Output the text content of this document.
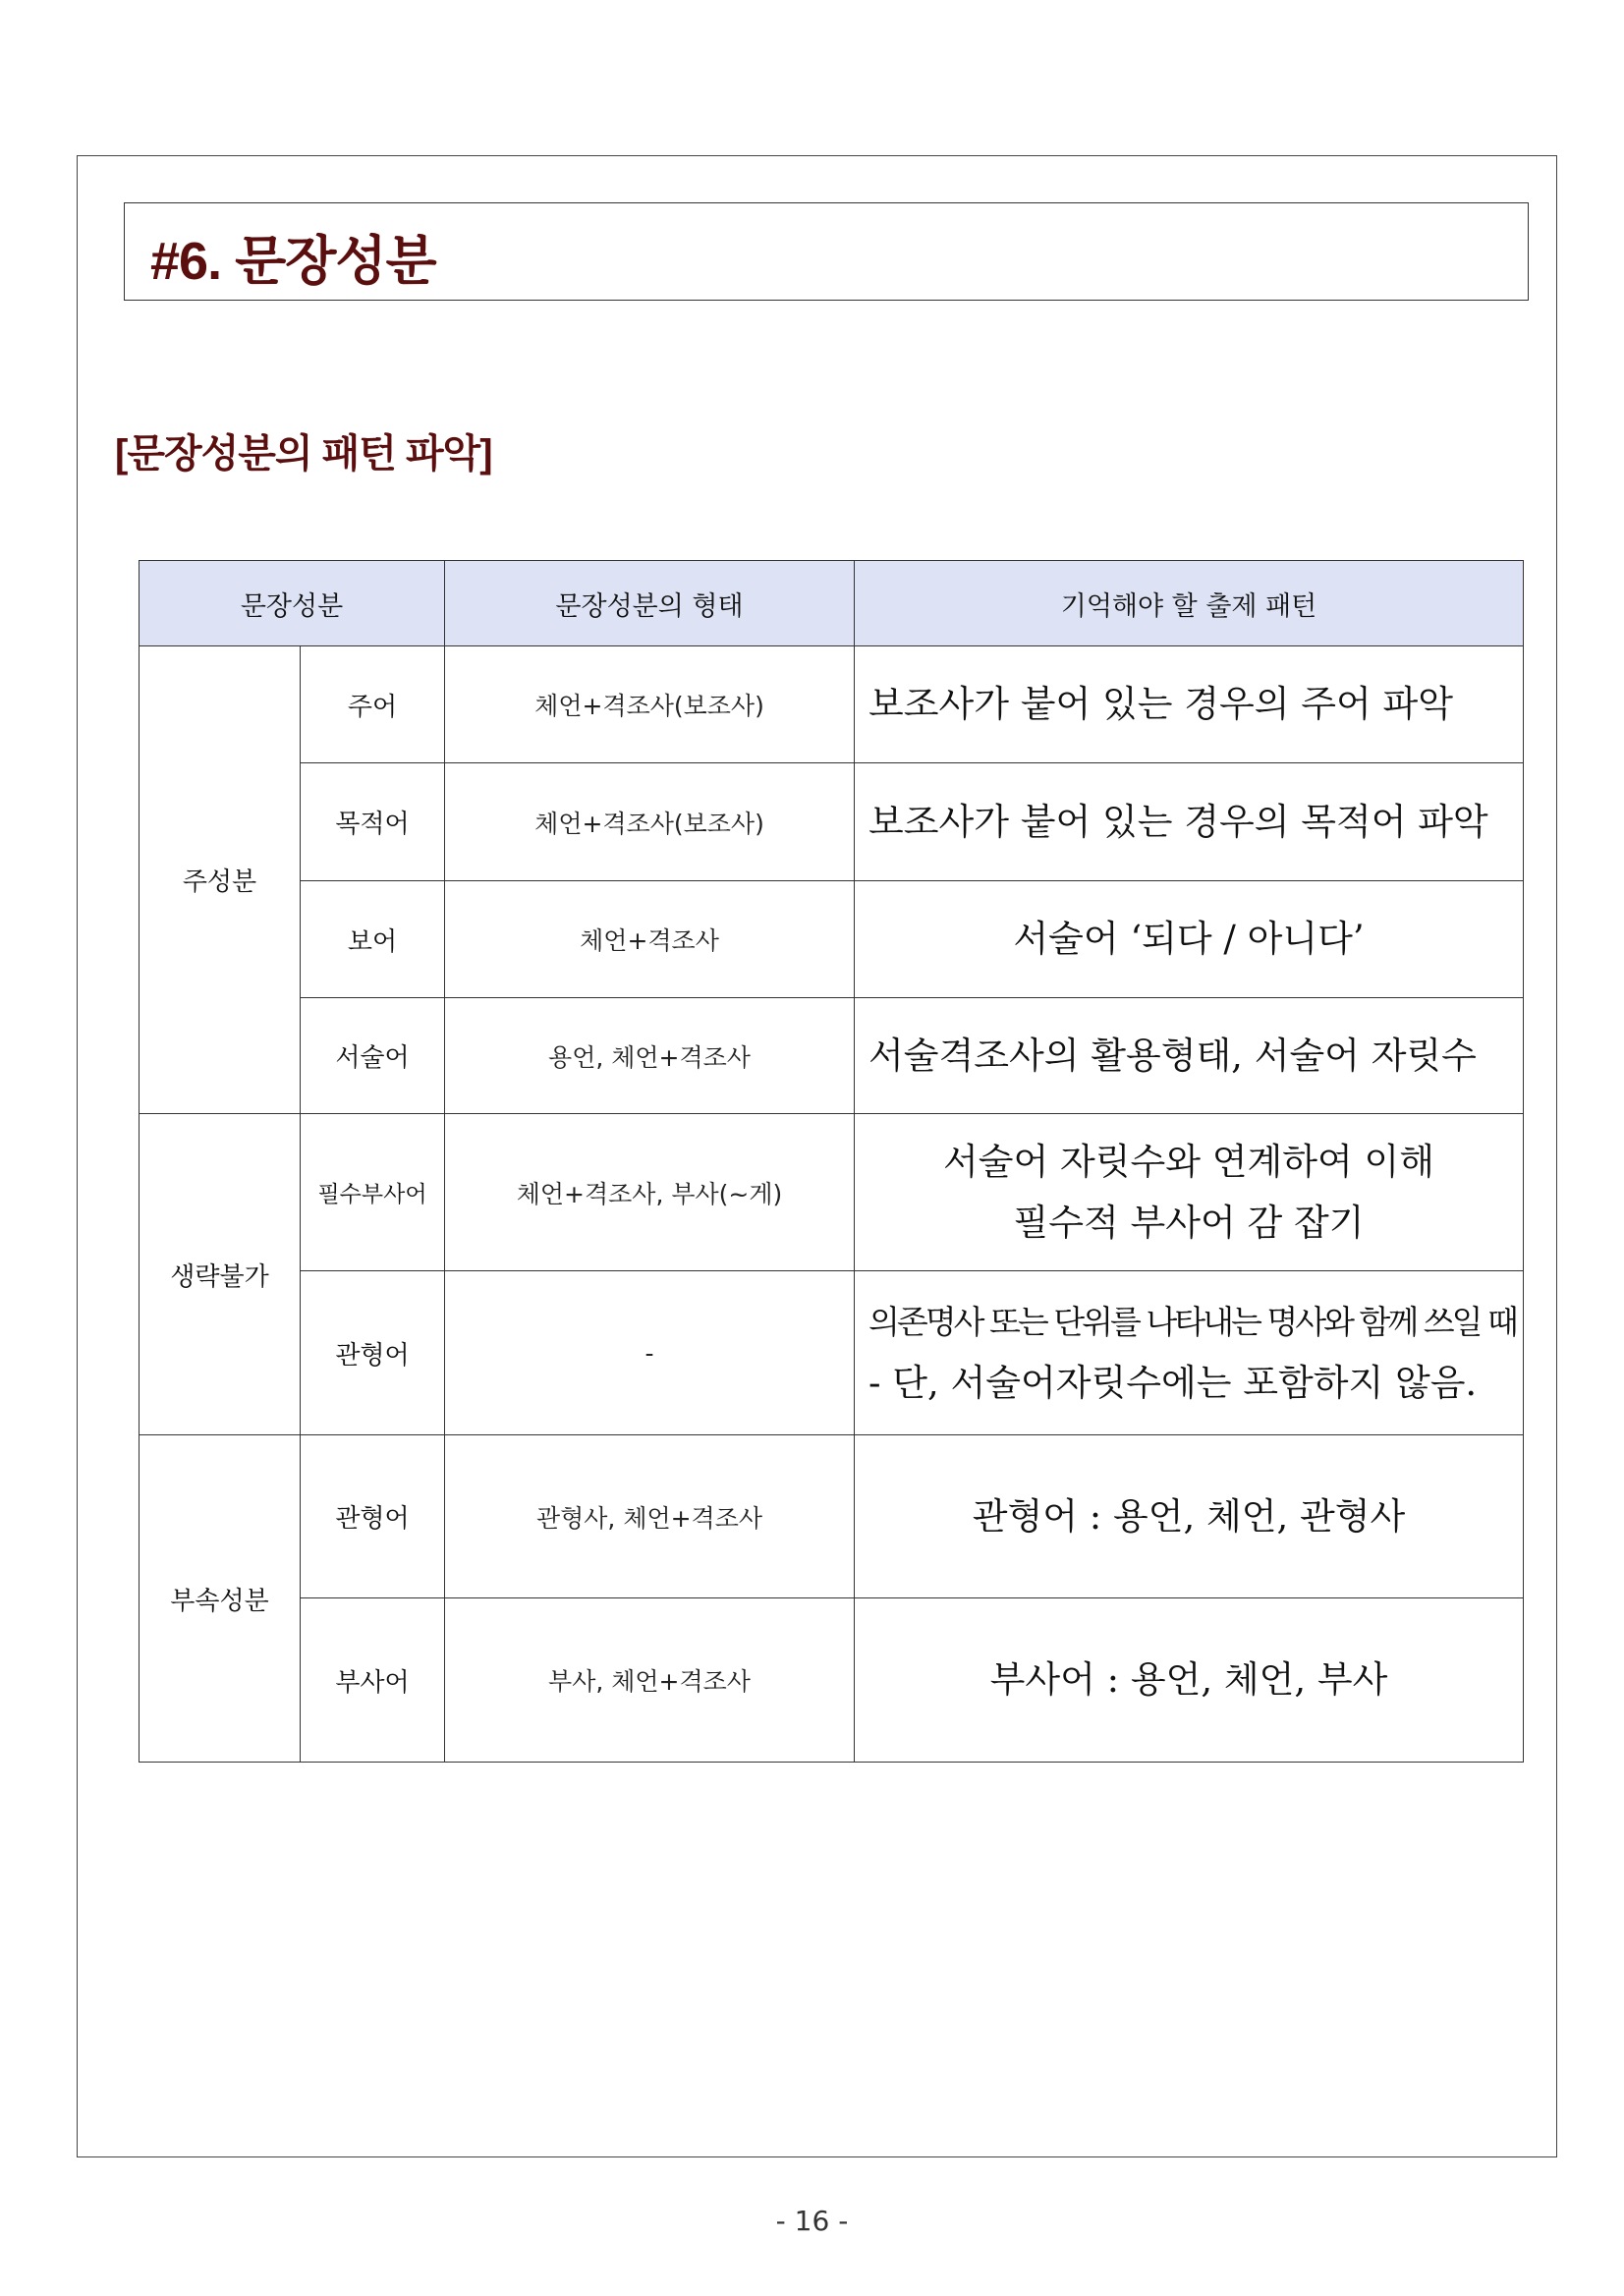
#6. 문장성분
[문장성분의 패턴 파악]
문장성분		문장성분의 형태	기억해야 할 출제 패턴
주성분	주어	체언+격조사(보조사)	보조사가 붙어 있는 경우의 주어 파악
	목적어	체언+격조사(보조사)	보조사가 붙어 있는 경우의 목적어 파악
	보어	체언+격조사	서술어 ‘되다 / 아니다’
	서술어	용언, 체언+격조사	서술격조사의 활용형태, 서술어 자릿수
생략불가	필수부사어	체언+격조사, 부사(~게)	서술어 자릿수와 연계하여 이해
필수적 부사어 감 잡기

	관형어	-	의존명사 또는 단위를 나타내는 명사와 함께 쓰일 때
- 단, 서술어자릿수에는 포함하지 않음.

부속성분	관형어	관형사, 체언+격조사	관형어 : 용언, 체언, 관형사
	부사어	부사, 체언+격조사	부사어 : 용언, 체언, 부사
- 16 -
